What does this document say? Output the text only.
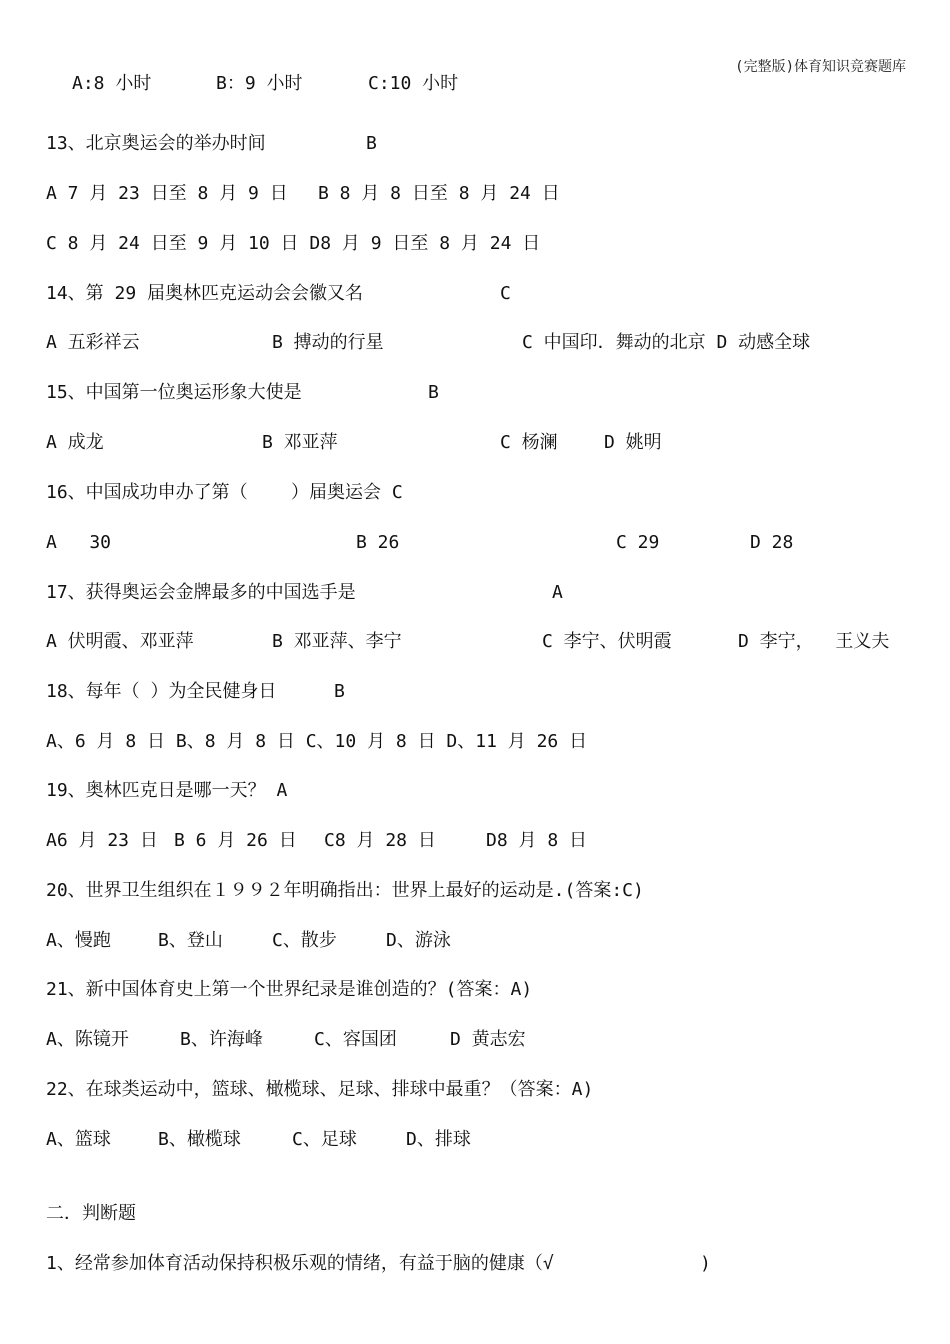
(完整版)体育知识竞赛题库
A:8 小时	B：9 小时	C:10 小时
13、北京奥运会的举办时间	B
A 7 月 23 日至 8 月 9 日 B 8 月 8 日至 8 月 24 日
C 8 月 24 日至 9 月 10 日 D8 月 9 日至 8 月 24 日
14、第 29 届奥林匹克运动会会徽又名	C
A 五彩祥云	B 搏动的行星	C 中国印．舞动的北京 D 动感全球
15、中国第一位奥运形象大使是	B
A 成龙	B 邓亚萍	C 杨澜	D 姚明
16、中国成功申办了第（    ）届奥运会 C
A   30	B 26	C 29	D 28
17、获得奥运会金牌最多的中国选手是	A
A 伏明霞、邓亚萍	B 邓亚萍、李宁	C 李宁、伏明霞	D 李宁，  王义夫
18、每年（ ）为全民健身日	B
A、6 月 8 日 B、8 月 8 日 C、10 月 8 日 D、11 月 26 日
19、奥林匹克日是哪一天？ A
A6 月 23 日 B 6 月 26 日 C8 月 28 日	D8 月 8 日
20、世界卫生组织在１９９２年明确指出：世界上最好的运动是.(答案:C)
A、慢跑	B、登山	C、散步	D、游泳
21、新中国体育史上第一个世界纪录是谁创造的？(答案：A)
A、陈镜开	B、许海峰	C、容国团	D 黄志宏
22、在球类运动中，篮球、橄榄球、足球、排球中最重？（答案：A)
A、篮球	B、橄榄球	C、足球	D、排球
二．判断题
1、经常参加体育活动保持积极乐观的情绪，有益于脑的健康（√	)
